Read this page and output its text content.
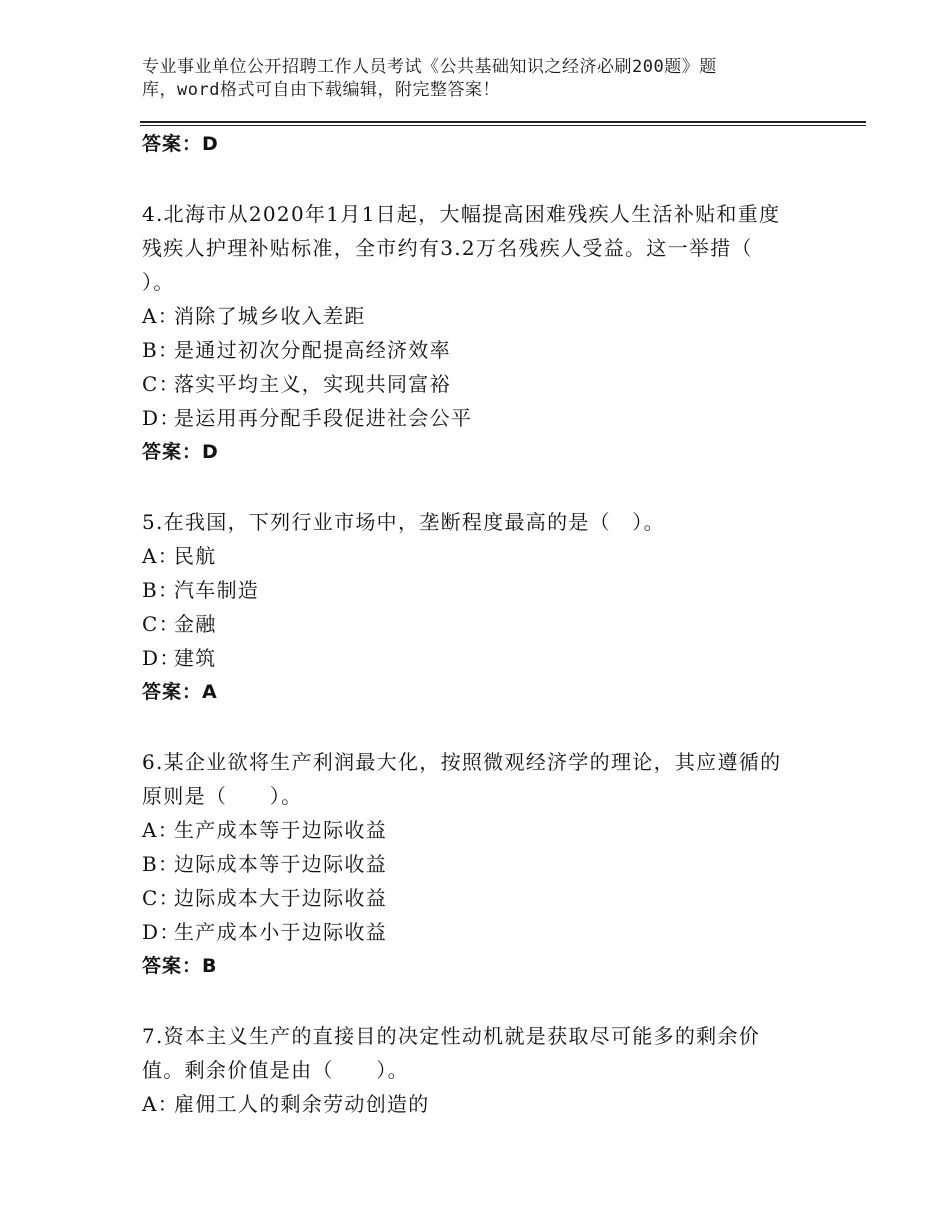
专业事业单位公开招聘工作人员考试《公共基础知识之经济必刷200题》题
库，word格式可自由下载编辑，附完整答案！
答案：D
4.北海市从2020年1月1日起，大幅提高困难残疾人生活补贴和重度
残疾人护理补贴标准，全市约有3.2万名残疾人受益。这一举措（
）。
A：消除了城乡收入差距
B：是通过初次分配提高经济效率
C：落实平均主义，实现共同富裕
D：是运用再分配手段促进社会公平
答案：D
5.在我国，下列行业市场中，垄断程度最高的是（　）。
A：民航
B：汽车制造
C：金融
D：建筑
答案：A
6.某企业欲将生产利润最大化，按照微观经济学的理论，其应遵循的
原则是（　　）。
A：生产成本等于边际收益
B：边际成本等于边际收益
C：边际成本大于边际收益
D：生产成本小于边际收益
答案：B
7.资本主义生产的直接目的决定性动机就是获取尽可能多的剩余价
值。剩余价值是由（　　）。
A：雇佣工人的剩余劳动创造的
